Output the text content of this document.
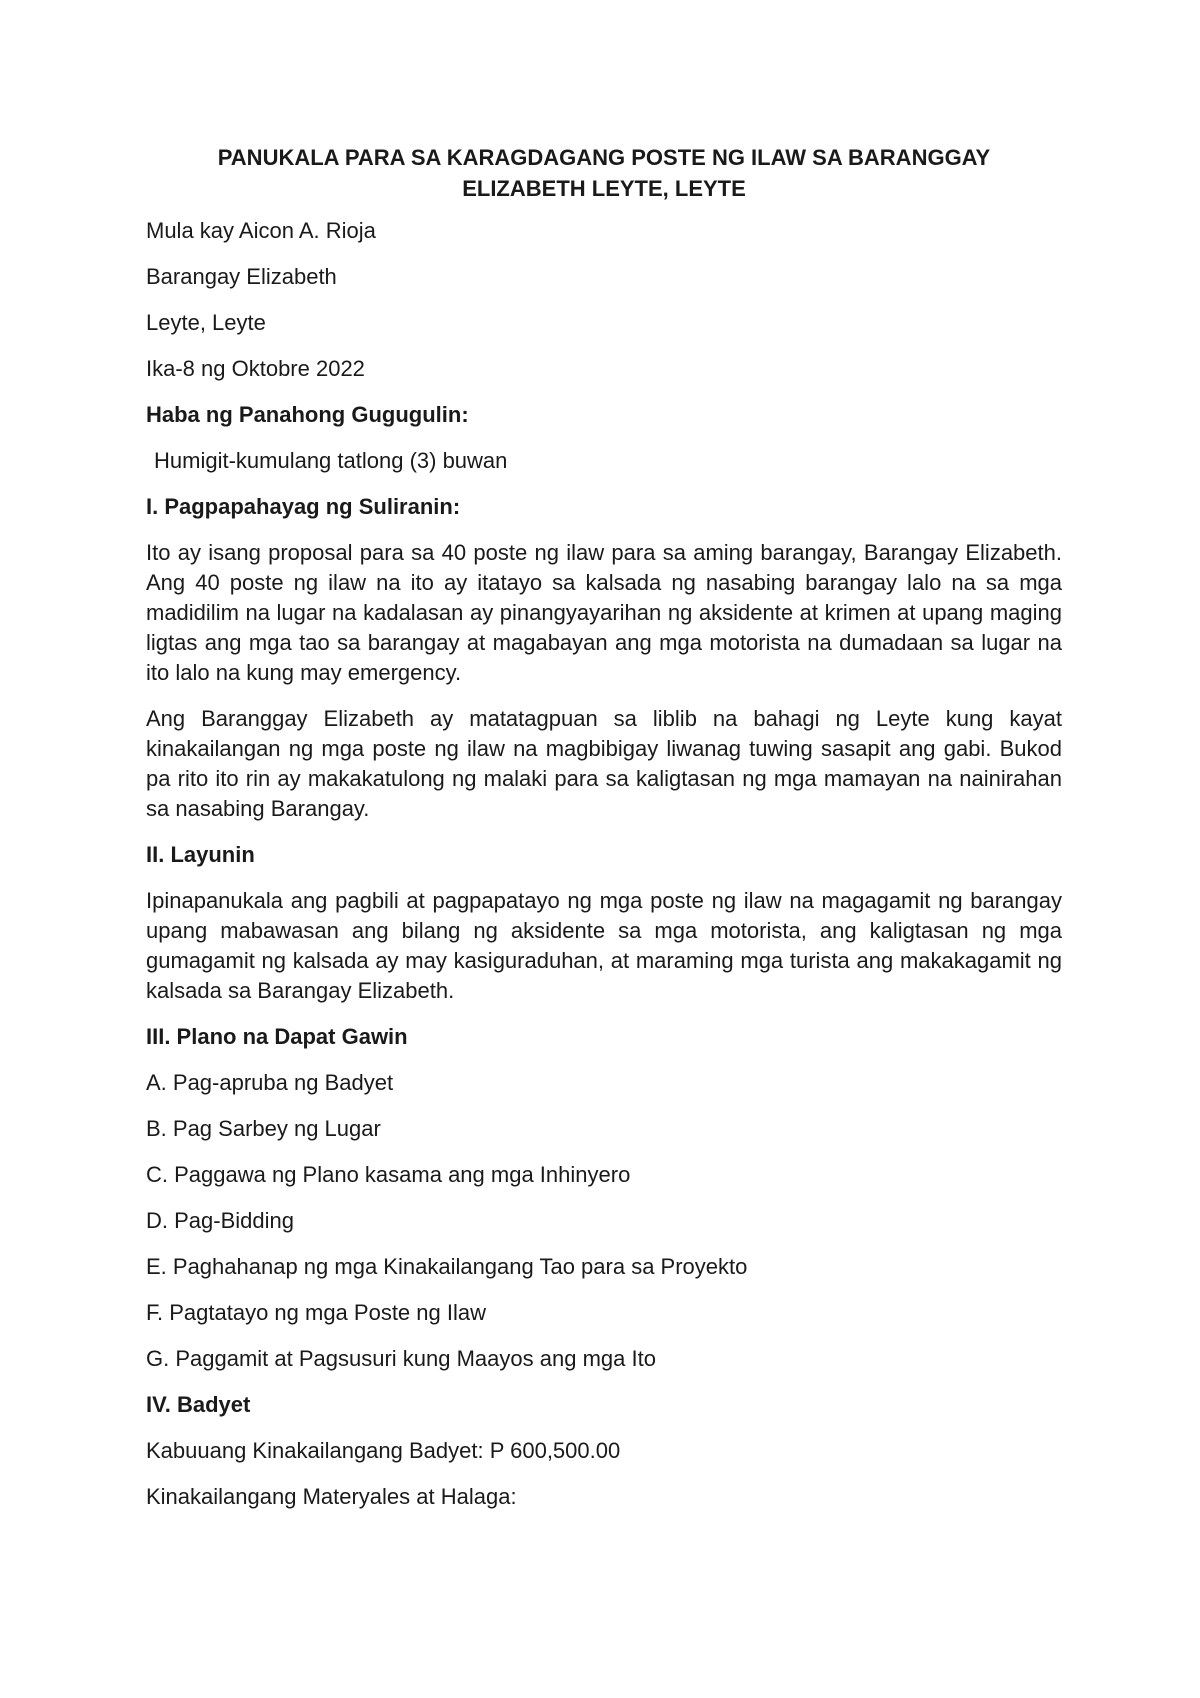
PANUKALA PARA SA KARAGDAGANG POSTE NG ILAW SA BARANGGAY
ELIZABETH LEYTE, LEYTE
Mula kay Aicon A. Rioja
Barangay Elizabeth
Leyte, Leyte
Ika-8 ng Oktobre 2022
Haba ng Panahong Gugugulin:
Humigit-kumulang tatlong (3) buwan
I. Pagpapahayag ng Suliranin:
Ito ay isang proposal para sa 40 poste ng ilaw para sa aming barangay, Barangay Elizabeth. Ang 40 poste ng ilaw na ito ay itatayo sa kalsada ng nasabing barangay lalo na sa mga madidilim na lugar na kadalasan ay pinangyayarihan ng aksidente at krimen at upang maging ligtas ang mga tao sa barangay at magabayan ang mga motorista na dumadaan sa lugar na ito lalo na kung may emergency.
Ang Baranggay Elizabeth ay matatagpuan sa liblib na bahagi ng Leyte kung kayat kinakailangan ng mga poste ng ilaw na magbibigay liwanag tuwing sasapit ang gabi. Bukod pa rito ito rin ay makakatulong ng malaki para sa kaligtasan ng mga mamayan na nainirahan sa nasabing Barangay.
II. Layunin
Ipinapanukala ang pagbili at pagpapatayo ng mga poste ng ilaw na magagamit ng barangay upang mabawasan ang bilang ng aksidente sa mga motorista, ang kaligtasan ng mga gumagamit ng kalsada ay may kasiguraduhan, at maraming mga turista ang makakagamit ng kalsada sa Barangay Elizabeth.
III. Plano na Dapat Gawin
A. Pag-apruba ng Badyet
B. Pag Sarbey ng Lugar
C. Paggawa ng Plano kasama ang mga Inhinyero
D. Pag-Bidding
E. Paghahanap ng mga Kinakailangang Tao para sa Proyekto
F. Pagtatayo ng mga Poste ng Ilaw
G. Paggamit at Pagsusuri kung Maayos ang mga Ito
IV. Badyet
Kabuuang Kinakailangang Badyet: P 600,500.00
Kinakailangang Materyales at Halaga:
